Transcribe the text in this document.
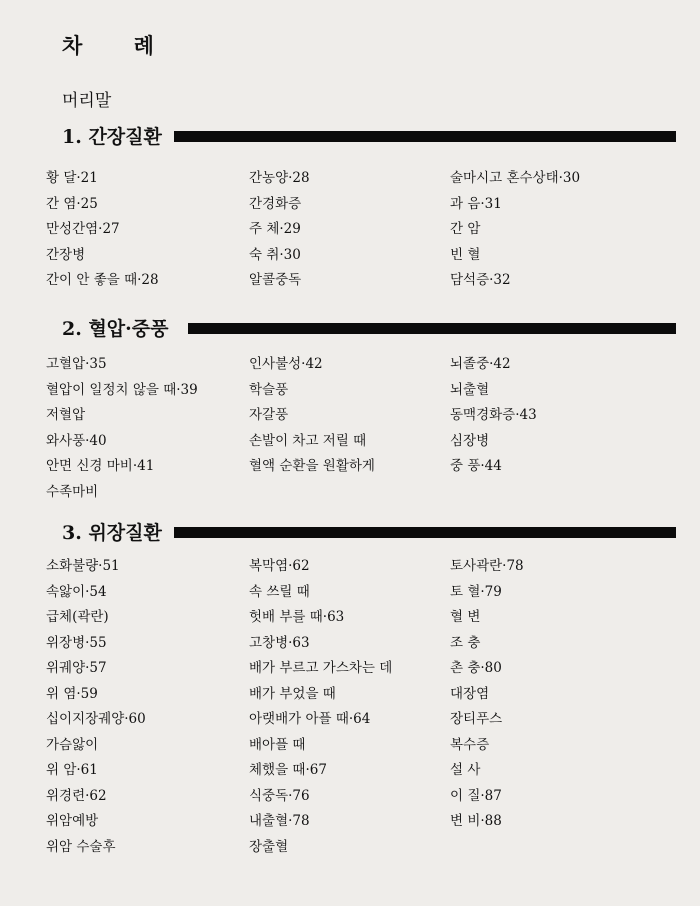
차 례
머리말
1. 간장질환
황 달·21
간 염·25
만성간염·27
간장병
간이 안 좋을 때·28
간농양·28
간경화증
주 체·29
숙 취·30
알콜중독
술마시고 혼수상태·30
과 음·31
간 암
빈 혈
담석증·32
2. 혈압·중풍
고혈압·35
혈압이 일정치 않을 때·39
저혈압
와사풍·40
안면 신경 마비·41
수족마비
인사불성·42
학슬풍
자갈풍
손발이 차고 저릴 때
혈액 순환을 원활하게
뇌졸중·42
뇌출혈
동맥경화증·43
심장병
중 풍·44
3. 위장질환
소화불량·51
속앓이·54
급체(곽란)
위장병·55
위궤양·57
위 염·59
십이지장궤양·60
가슴앓이
위 암·61
위경련·62
위암예방
위암 수술후
복막염·62
속 쓰릴 때
헛배 부를 때·63
고창병·63
배가 부르고 가스차는 데
배가 부었을 때
아랫배가 아플 때·64
배아플 때
체했을 때·67
식중독·76
내출혈·78
장출혈
토사곽란·78
토 혈·79
혈 변
조 충
촌 충·80
대장염
장티푸스
복수증
설 사
이 질·87
변 비·88
